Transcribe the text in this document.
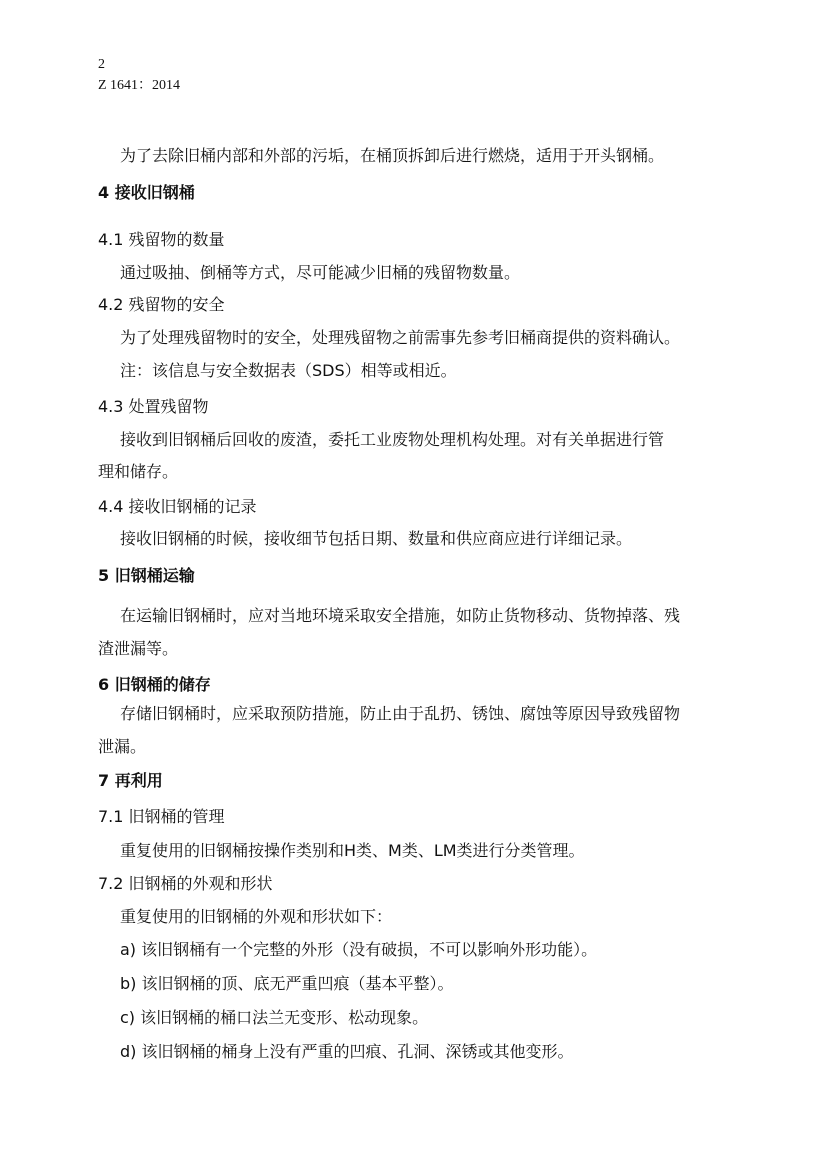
2
Z 1641：2014
为了去除旧桶内部和外部的污垢，在桶顶拆卸后进行燃烧，适用于开头钢桶。
4 接收旧钢桶
4.1 残留物的数量
通过吸抽、倒桶等方式，尽可能减少旧桶的残留物数量。
4.2 残留物的安全
为了处理残留物时的安全，处理残留物之前需事先参考旧桶商提供的资料确认。
注：该信息与安全数据表（SDS）相等或相近。
4.3 处置残留物
接收到旧钢桶后回收的废渣，委托工业废物处理机构处理。对有关单据进行管
理和储存。
4.4 接收旧钢桶的记录
接收旧钢桶的时候，接收细节包括日期、数量和供应商应进行详细记录。
5 旧钢桶运输
在运输旧钢桶时，应对当地环境采取安全措施，如防止货物移动、货物掉落、残
渣泄漏等。
6 旧钢桶的储存
存储旧钢桶时，应采取预防措施，防止由于乱扔、锈蚀、腐蚀等原因导致残留物
泄漏。
7 再利用
7.1 旧钢桶的管理
重复使用的旧钢桶按操作类别和H类、M类、LM类进行分类管理。
7.2 旧钢桶的外观和形状
重复使用的旧钢桶的外观和形状如下：
a) 该旧钢桶有一个完整的外形（没有破损，不可以影响外形功能）。
b) 该旧钢桶的顶、底无严重凹痕（基本平整）。
c) 该旧钢桶的桶口法兰无变形、松动现象。
d) 该旧钢桶的桶身上没有严重的凹痕、孔洞、深锈或其他变形。
